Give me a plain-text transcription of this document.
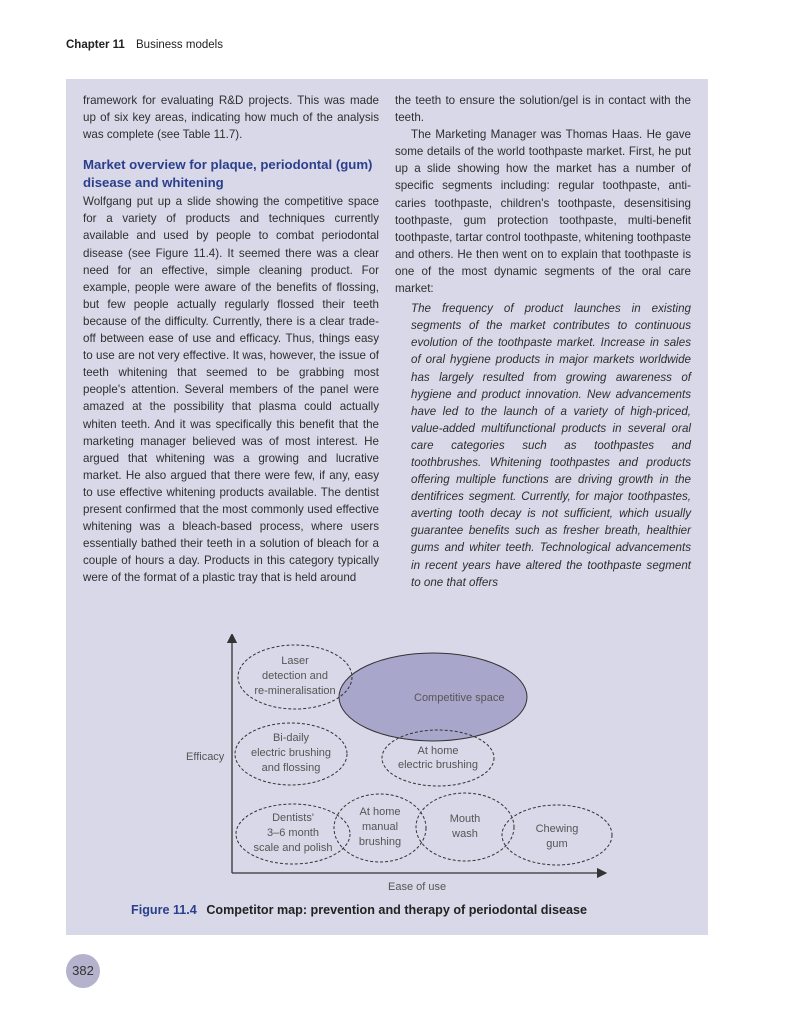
Chapter 11 Business models

framework for evaluating R&D projects. This was made up of six key areas, indicating how much of the analysis was complete (see Table 11.7).

Market overview for plaque, periodontal (gum) disease and whitening

Wolfgang put up a slide showing the competitive space for a variety of products and techniques currently available and used by people to combat periodontal disease (see Figure 11.4). It seemed there was a clear need for an effective, simple cleaning product. For example, people were aware of the benefits of flossing, but few people actually regularly flossed their teeth because of the difficulty. Currently, there is a clear trade-off between ease of use and efficacy. Thus, things easy to use are not very effective. It was, however, the issue of teeth whitening that seemed to be grabbing most people's attention. Several members of the panel were amazed at the possibility that plasma could actually whiten teeth. And it was specifically this benefit that the marketing manager believed was of most interest. He argued that whitening was a growing and lucrative market. He also argued that there were few, if any, easy to use effective whitening products available. The dentist present confirmed that the most commonly used effective whitening was a bleach-based process, where users essentially bathed their teeth in a solution of bleach for a couple of hours a day. Products in this category typically were of the format of a plastic tray that is held around

the teeth to ensure the solution/gel is in contact with the teeth.

The Marketing Manager was Thomas Haas. He gave some details of the world toothpaste market. First, he put up a slide showing how the market has a number of specific segments including: regular toothpaste, anti-caries toothpaste, children's toothpaste, desensitising toothpaste, gum protection toothpaste, multi-benefit toothpaste, tartar control toothpaste, whitening toothpaste and others. He then went on to explain that toothpaste is one of the most dynamic segments of the oral care market:

The frequency of product launches in existing segments of the market contributes to continuous evolution of the toothpaste market. Increase in sales of oral hygiene products in major markets worldwide has largely resulted from growing awareness of hygiene and product innovation. New advancements have led to the launch of a variety of high-priced, value-added multifunctional products in several oral care categories such as toothpastes and toothbrushes. Whitening toothpastes and products offering multiple functions are driving growth in the dentifrices segment. Currently, for major toothpastes, averting tooth decay is not sufficient, which usually guarantee benefits such as fresher breath, healthier gums and whiter teeth. Technological advancements in recent years have altered the toothpaste segment to one that offers

Efficacy
Ease of use
Competitive space
Laser
detection and
re-mineralisation
Bi-daily
electric brushing
and flossing
At home
electric brushing
Dentists'
3–6 month
scale and polish
At home
manual
brushing
Mouth
wash	Chewing
gum
Figure 11.4 Competitor map: prevention and therapy of periodontal disease
382
